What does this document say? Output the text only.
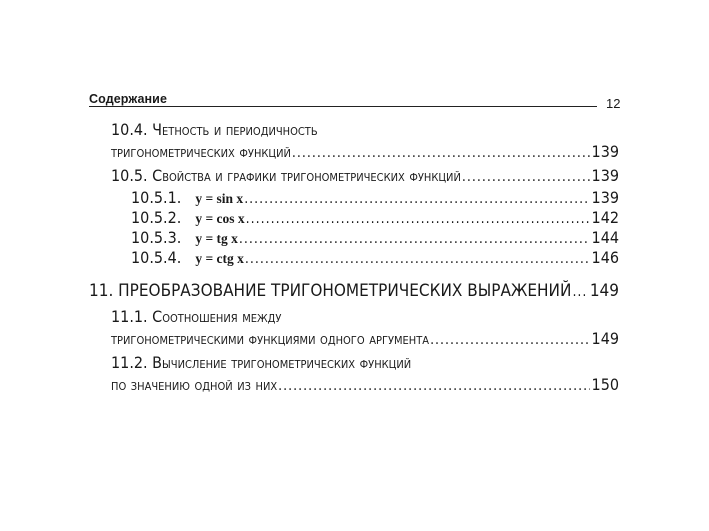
Содержание	12
10.4. Четность и периодичность
тригонометрических функций .....	139
10.5. Свойства и графики тригонометрических функций .....	139
10.5.1. y = sin x .....	139
10.5.2. y = cos x .....	142
10.5.3. y = tg x .....	144
10.5.4. y = ctg x .....	146
11. ПРЕОБРАЗОВАНИЕ ТРИГОНОМЕТРИЧЕСКИХ ВЫРАЖЕНИЙ ..... 149
11.1. Соотношения между
тригонометрическими функциями одного аргумента .....	149
11.2. Вычисление тригонометрических функций
по значению одной из них .....	150
